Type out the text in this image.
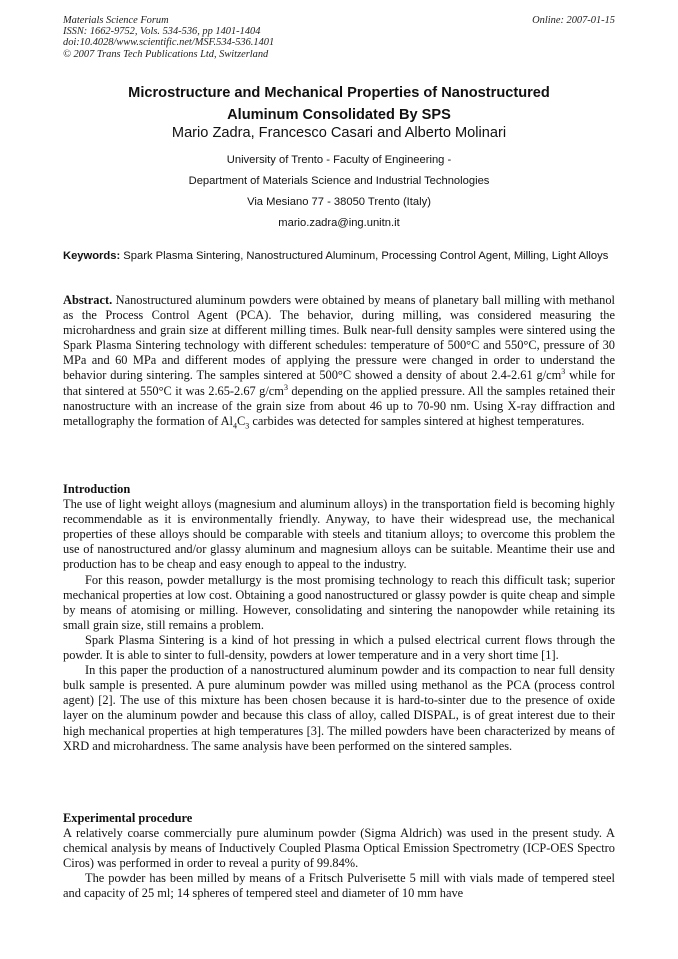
Materials Science Forum
ISSN: 1662-9752, Vols. 534-536, pp 1401-1404
doi:10.4028/www.scientific.net/MSF.534-536.1401
© 2007 Trans Tech Publications Ltd, Switzerland
Online: 2007-01-15
Microstructure and Mechanical Properties of Nanostructured
Aluminum Consolidated By SPS
Mario Zadra, Francesco Casari and Alberto Molinari
University of Trento - Faculty of Engineering -
Department of Materials Science and Industrial Technologies
Via Mesiano 77 - 38050 Trento (Italy)
mario.zadra@ing.unitn.it
Keywords: Spark Plasma Sintering, Nanostructured Aluminum, Processing Control Agent, Milling, Light Alloys
Abstract. Nanostructured aluminum powders were obtained by means of planetary ball milling with methanol as the Process Control Agent (PCA). The behavior, during milling, was considered measuring the microhardness and grain size at different milling times. Bulk near-full density samples were sintered using the Spark Plasma Sintering technology with different schedules: temperature of 500°C and 550°C, pressure of 30 MPa and 60 MPa and different modes of applying the pressure were changed in order to understand the behavior during sintering. The samples sintered at 500°C showed a density of about 2.4-2.61 $g/cm^3$ while for that sintered at 550°C it was 2.65-2.67 $g/cm^3$ depending on the applied pressure. All the samples retained their nanostructure with an increase of the grain size from about 46 up to 70-90 nm. Using X-ray diffraction and metallography the formation of $Al_4C_3$ carbides was detected for samples sintered at highest temperatures.
Introduction

The use of light weight alloys (magnesium and aluminum alloys) in the transportation field is becoming highly recommendable as it is environmentally friendly. Anyway, to have their widespread use, the mechanical properties of these alloys should be comparable with steels and titanium alloys; to overcome this problem the use of nanostructured and/or glassy aluminum and magnesium alloys can be suitable. Meantime their use and production has to be cheap and easy enough to appeal to the industry.

For this reason, powder metallurgy is the most promising technology to reach this difficult task; superior mechanical properties at low cost. Obtaining a good nanostructured or glassy powder is quite cheap and simple by means of atomising or milling. However, consolidating and sintering the nanopowder while retaining its small grain size, still remains a problem.

Spark Plasma Sintering is a kind of hot pressing in which a pulsed electrical current flows through the powder. It is able to sinter to full-density, powders at lower temperature and in a very short time [1].

In this paper the production of a nanostructured aluminum powder and its compaction to near full density bulk sample is presented. A pure aluminum powder was milled using methanol as the PCA (process control agent) [2]. The use of this mixture has been chosen because it is hard-to-sinter due to the presence of oxide layer on the aluminum powder and because this class of alloy, called DISPAL, is of great interest due to their high mechanical properties at high temperatures [3]. The milled powders have been characterized by means of XRD and microhardness. The same analysis have been performed on the sintered samples.

Experimental procedure

A relatively coarse commercially pure aluminum powder (Sigma Aldrich) was used in the present study. A chemical analysis by means of Inductively Coupled Plasma Optical Emission Spectrometry (ICP-OES Spectro Ciros) was performed in order to reveal a purity of 99.84%.

The powder has been milled by means of a Fritsch Pulverisette 5 mill with vials made of tempered steel and capacity of 25 ml; 14 spheres of tempered steel and diameter of 10 mm have
